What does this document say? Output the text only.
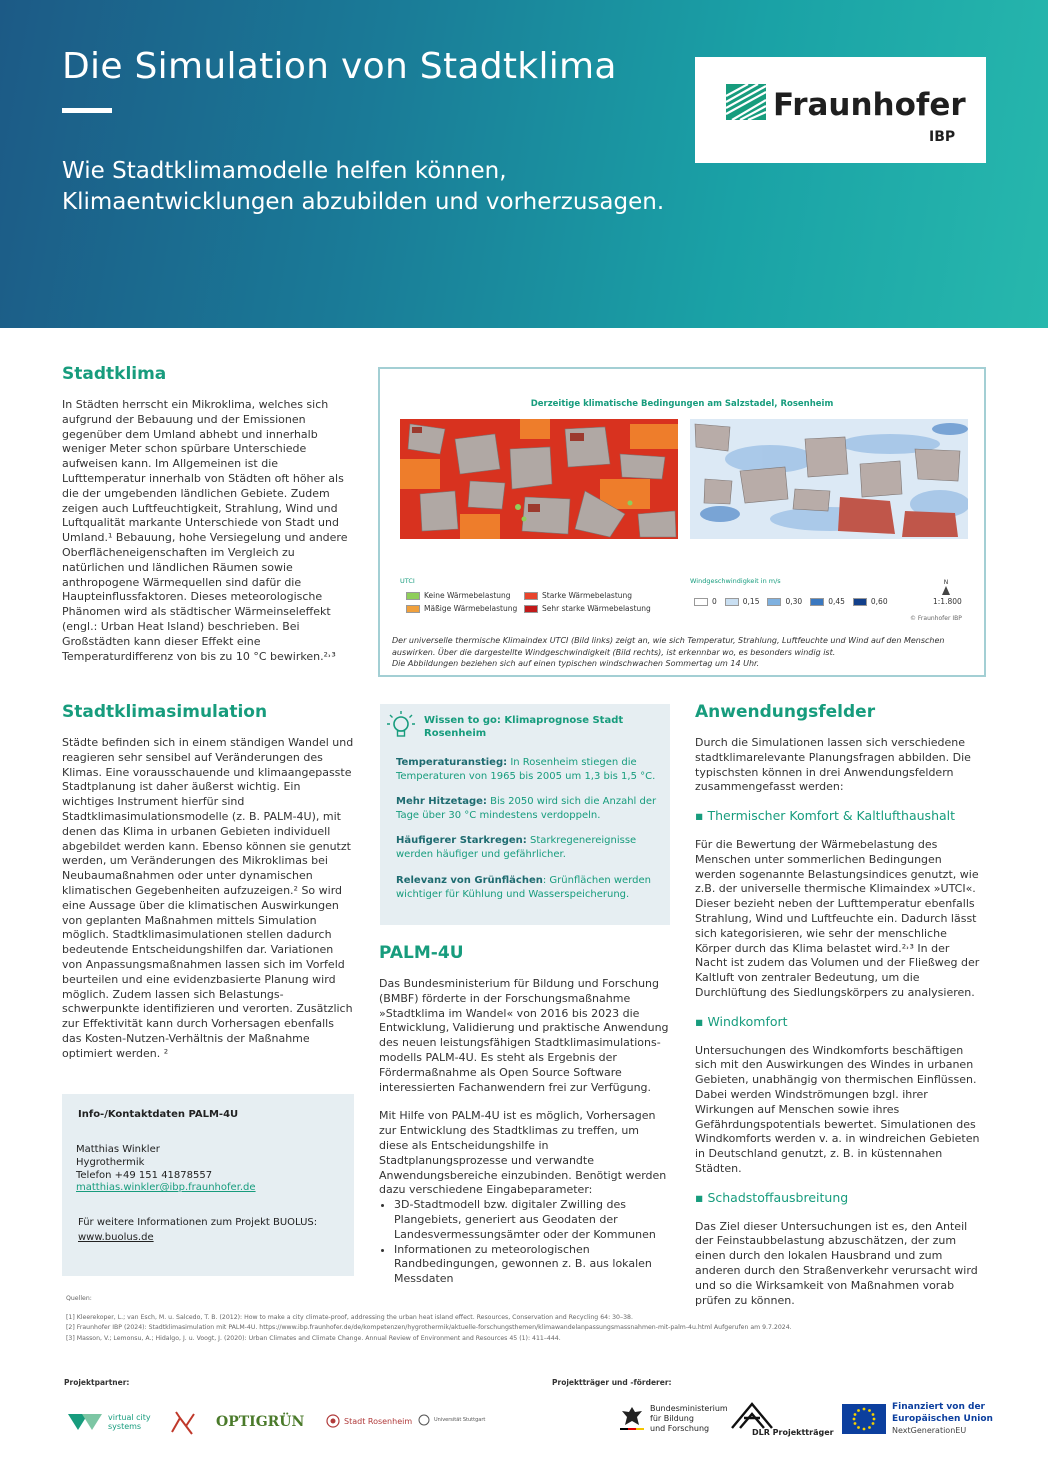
Die Simulation von Stadtklima
Wie Stadtklimamodelle helfen können,
Klimaentwicklungen abzubilden und vorherzusagen.
Fraunhofer
IBP
Stadtklima
In Städten herrscht ein Mikroklima, welches sich aufgrund der Bebauung und der Emissionen gegenüber dem Umland abhebt und innerhalb weniger Meter schon spürbare Unterschiede aufweisen kann. Im Allgemeinen ist die Lufttemperatur innerhalb von Städten oft höher als die der umgebenden ländlichen Gebiete. Zudem zeigen auch Luftfeuchtigkeit, Strahlung, Wind und Luftqualität markante Unterschiede von Stadt und Umland.¹ Bebauung, hohe Versiegelung und andere Oberflächeneigenschaften im Vergleich zu natürlichen und ländlichen Räumen sowie anthropogene Wärmequellen sind dafür die Haupteinflussfaktoren. Dieses meteorologische Phänomen wird als städtischer Wärmeinseleffekt (engl.: Urban Heat Island) beschrieben. Bei Großstädten kann dieser Effekt eine Temperaturdifferenz von bis zu 10 °C bewirken.²˒³
Derzeitige klimatische Bedingungen am Salzstadel, Rosenheim
UTCI
Keine Wärmebelastung
Mäßige Wärmebelastung
Starke Wärmebelastung
Sehr starke Wärmebelastung
Windgeschwindigkeit in m/s
0	0,15	0,30	0,45	0,60
N
1:1.800
© Fraunhofer IBP
Der universelle thermische Klimaindex UTCI (Bild links) zeigt an, wie sich Temperatur, Strahlung, Luftfeuchte und Wind auf den Menschen auswirken. Über die dargestellte Windgeschwindigkeit (Bild rechts), ist erkennbar wo, es besonders windig ist.
Die Abbildungen beziehen sich auf einen typischen windschwachen Sommertag um 14 Uhr.
Stadtklimasimulation
Städte befinden sich in einem ständigen Wandel und reagieren sehr sensibel auf Veränderungen des Klimas. Eine vorausschauende und klimaangepasste Stadtplanung ist daher äußerst wichtig. Ein wichtiges Instrument hierfür sind Stadtklimasimulationsmodelle (z. B. PALM-4U), mit denen das Klima in urbanen Gebieten individuell abgebildet werden kann. Ebenso können sie genutzt werden, um Veränderungen des Mikroklimas bei Neubaumaßnahmen oder unter dynamischen klimatischen Gegebenheiten aufzuzeigen.² So wird eine Aussage über die klimatischen Auswirkungen von geplanten Maßnahmen mittels Simulation möglich. Stadtklimasimulationen stellen dadurch bedeutende Entscheidungshilfen dar. Variationen von Anpassungsmaßnahmen lassen sich im Vorfeld beurteilen und eine evidenzbasierte Planung wird möglich. Zudem lassen sich Belastungs- schwerpunkte identifizieren und verorten. Zusätzlich zur Effektivität kann durch Vorhersagen ebenfalls das Kosten-Nutzen-Verhältnis der Maßnahme optimiert werden. ²
Info-/Kontaktdaten PALM-4U
Matthias Winkler
Hygrothermik
Telefon +49 151 41878557
matthias.winkler@ibp.fraunhofer.de
Für weitere Informationen zum Projekt BUOLUS:
www.buolus.de
Wissen to go: Klimaprognose Stadt Rosenheim
Temperaturanstieg: In Rosenheim stiegen die Temperaturen von 1965 bis 2005 um 1,3 bis 1,5 °C.
Mehr Hitzetage: Bis 2050 wird sich die Anzahl der Tage über 30 °C mindestens verdoppeln.
Häufigerer Starkregen: Starkregenereignisse werden häufiger und gefährlicher.
Relevanz von Grünflächen: Grünflächen werden wichtiger für Kühlung und Wasserspeicherung.
PALM-4U

Das Bundesministerium für Bildung und Forschung (BMBF) förderte in der Forschungsmaßnahme »Stadtklima im Wandel« von 2016 bis 2023 die Entwicklung, Validierung und praktische Anwendung des neuen leistungsfähigen Stadtklimasimulations- modells PALM-4U. Es steht als Ergebnis der Fördermaßnahme als Open Source Software interessierten Fachanwendern frei zur Verfügung.

Mit Hilfe von PALM-4U ist es möglich, Vorhersagen zur Entwicklung des Stadtklimas zu treffen, um diese als Entscheidungshilfe in Stadtplanungsprozesse und verwandte Anwendungsbereiche einzubinden. Benötigt werden dazu verschiedene Eingabeparameter:

• 3D-Stadtmodell bzw. digitaler Zwilling des Plangebiets, generiert aus Geodaten der Landesvermessungsämter oder der Kommunen
• Informationen zu meteorologischen Randbedingungen, gewonnen z. B. aus lokalen Messdaten
Anwendungsfelder

Durch die Simulationen lassen sich verschiedene stadtklimarelevante Planungsfragen abbilden. Die typischsten können in drei Anwendungsfeldern zusammengefasst werden:

▪ Thermischer Komfort & Kaltlufthaushalt

Für die Bewertung der Wärmebelastung des Menschen unter sommerlichen Bedingungen werden sogenannte Belastungsindices genutzt, wie z.B. der universelle thermische Klimaindex »UTCI«. Dieser bezieht neben der Lufttemperatur ebenfalls Strahlung, Wind und Luftfeuchte ein. Dadurch lässt sich kategorisieren, wie sehr der menschliche Körper durch das Klima belastet wird.²˒³ In der Nacht ist zudem das Volumen und der Fließweg der Kaltluft von zentraler Bedeutung, um die Durchlüftung des Siedlungskörpers zu analysieren.

▪ Windkomfort

Untersuchungen des Windkomforts beschäftigen sich mit den Auswirkungen des Windes in urbanen Gebieten, unabhängig von thermischen Einflüssen. Dabei werden Windströmungen bzgl. ihrer Wirkungen auf Menschen sowie ihres Gefährdungspotentials bewertet. Simulationen des Windkomforts werden v. a. in windreichen Gebieten in Deutschland genutzt, z. B. in küstennahen Städten.

▪ Schadstoffausbreitung

Das Ziel dieser Untersuchungen ist es, den Anteil der Feinstaubbelastung abzuschätzen, der zum einen durch den lokalen Hausbrand und zum anderen durch den Straßenverkehr verursacht wird und so die Wirksamkeit von Maßnahmen vorab prüfen zu können.

Quellen:
[1] Kleerekoper, L.; van Esch, M. u. Salcedo, T. B. (2012): How to make a city climate-proof, addressing the urban heat island effect. Resources, Conservation and Recycling 64: 30–38.
[2] Fraunhofer IBP (2024): Stadtklimasimulation mit PALM-4U. https://www.ibp.fraunhofer.de/de/kompetenzen/hygrothermik/aktuelle-forschungsthemen/klimawandelanpassungsmassnahmen-mit-palm-4u.html Aufgerufen am 9.7.2024.
[3] Masson, V.; Lemonsu, A.; Hidalgo, J. u. Voogt, J. (2020): Urban Climates and Climate Change. Annual Review of Environment and Resources 45 (1): 411–444.
Projektpartner:	Projektträger und -förderer:
virtual city systems	OPTIGRÜN	Stadt Rosenheim	Universität Stuttgart
Bundesministerium
für Bildung
und Forschung	DLR Projektträger
Finanziert von der
Europäischen Union
NextGenerationEU
